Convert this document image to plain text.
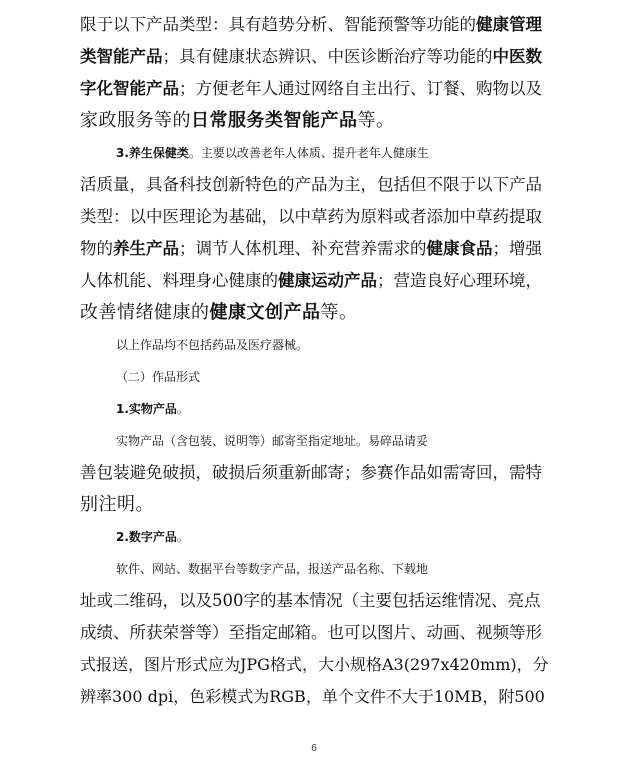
限于以下产品类型：具有趋势分析、智能预警等功能的健康管理
类智能产品；具有健康状态辨识、中医诊断治疗等功能的中医数
字化智能产品；方便老年人通过网络自主出行、订餐、购物以及
家政服务等的日常服务类智能产品等。
3.养生保健类。主要以改善老年人体质、提升老年人健康生
活质量，具备科技创新特色的产品为主，包括但不限于以下产品
类型：以中医理论为基础，以中草药为原料或者添加中草药提取
物的养生产品；调节人体机理、补充营养需求的健康食品；增强
人体机能、料理身心健康的健康运动产品；营造良好心理环境，
改善情绪健康的健康文创产品等。
以上作品均不包括药品及医疗器械。
（二）作品形式
1.实物产品。
实物产品（含包装、说明等）邮寄至指定地址。易碎品请妥
善包装避免破损，破损后须重新邮寄；参赛作品如需寄回，需特
别注明。
2.数字产品。
软件、网站、数据平台等数字产品，报送产品名称、下载地
址或二维码，以及500字的基本情况（主要包括运维情况、亮点
成绩、所获荣誉等）至指定邮箱。也可以图片、动画、视频等形
式报送，图片形式应为JPG格式，大小规格A3(297x420mm)，分
辨率300 dpi，色彩模式为RGB，单个文件不大于10MB，附500
6
